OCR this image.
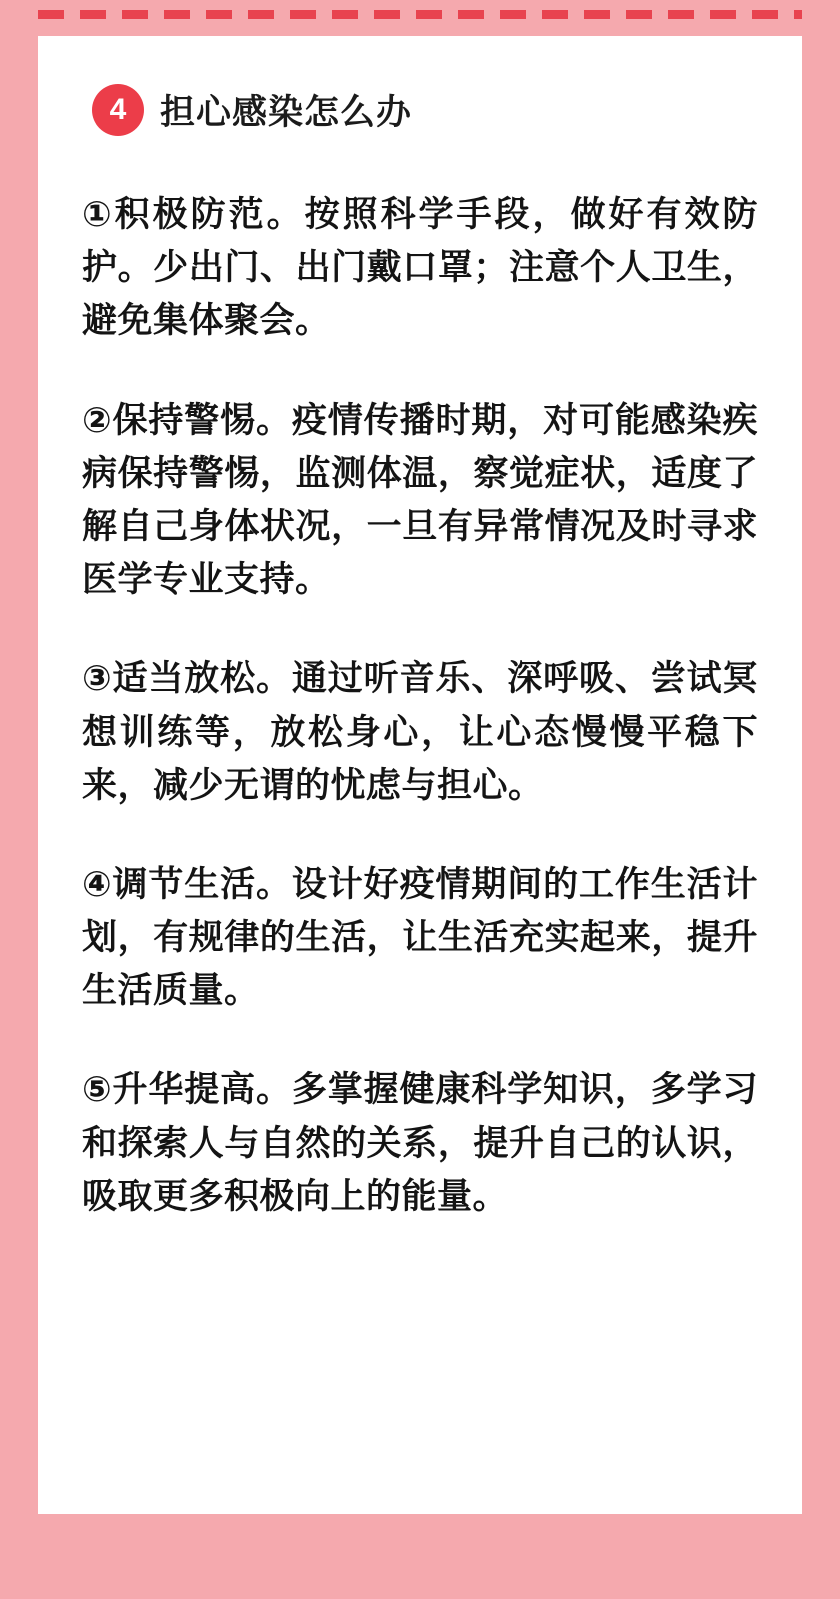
4 担心感染怎么办

①积极防范。按照科学手段，做好有效防护。少出门、出门戴口罩；注意个人卫生，避免集体聚会。

②保持警惕。疫情传播时期，对可能感染疾病保持警惕，监测体温，察觉症状，适度了解自己身体状况，一旦有异常情况及时寻求医学专业支持。

③适当放松。通过听音乐、深呼吸、尝试冥想训练等，放松身心，让心态慢慢平稳下来，减少无谓的忧虑与担心。

④调节生活。设计好疫情期间的工作生活计划，有规律的生活，让生活充实起来，提升生活质量。

⑤升华提高。多掌握健康科学知识，多学习和探索人与自然的关系，提升自己的认识，吸取更多积极向上的能量。
